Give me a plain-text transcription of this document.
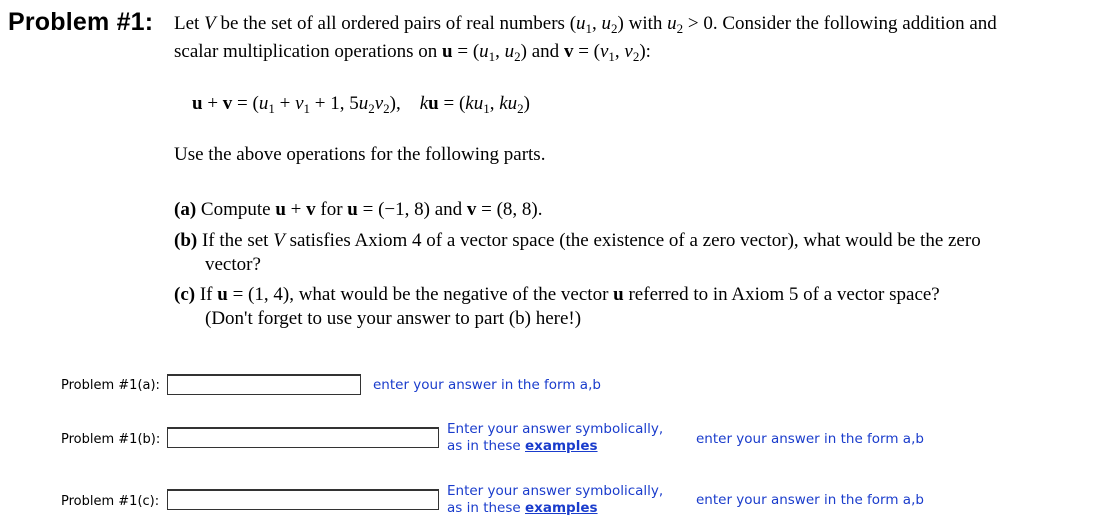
Problem #1: Let V be the set of all ordered pairs of real numbers ($u_1$, $u_2$) with $u_2 > 0$. Consider the following addition and
scalar multiplication operations on $u = (u_1$, $u_2$) and $v = (v_1$, $v_2$):
$u + v = (u_1 + v_1 + 1$, $5u_2v_2$),    ku = ($ku_1$, $ku_2$)
Use the above operations for the following parts.
(a) Compute u + v for u = (−1, 8) and v = (8, 8).
(b) If the set V satisfies Axiom 4 of a vector space (the existence of a zero vector), what would be the zero
vector?
(c) If u = (1, 4), what would be the negative of the vector u referred to in Axiom 5 of a vector space?
(Don't forget to use your answer to part (b) here!)
Problem #1(a):	enter your answer in the form a,b
Problem #1(b):
Enter your answer symbolically,
as in these examples	enter your answer in the form a,b
Problem #1(c):
Enter your answer symbolically,
as in these examples	enter your answer in the form a,b
